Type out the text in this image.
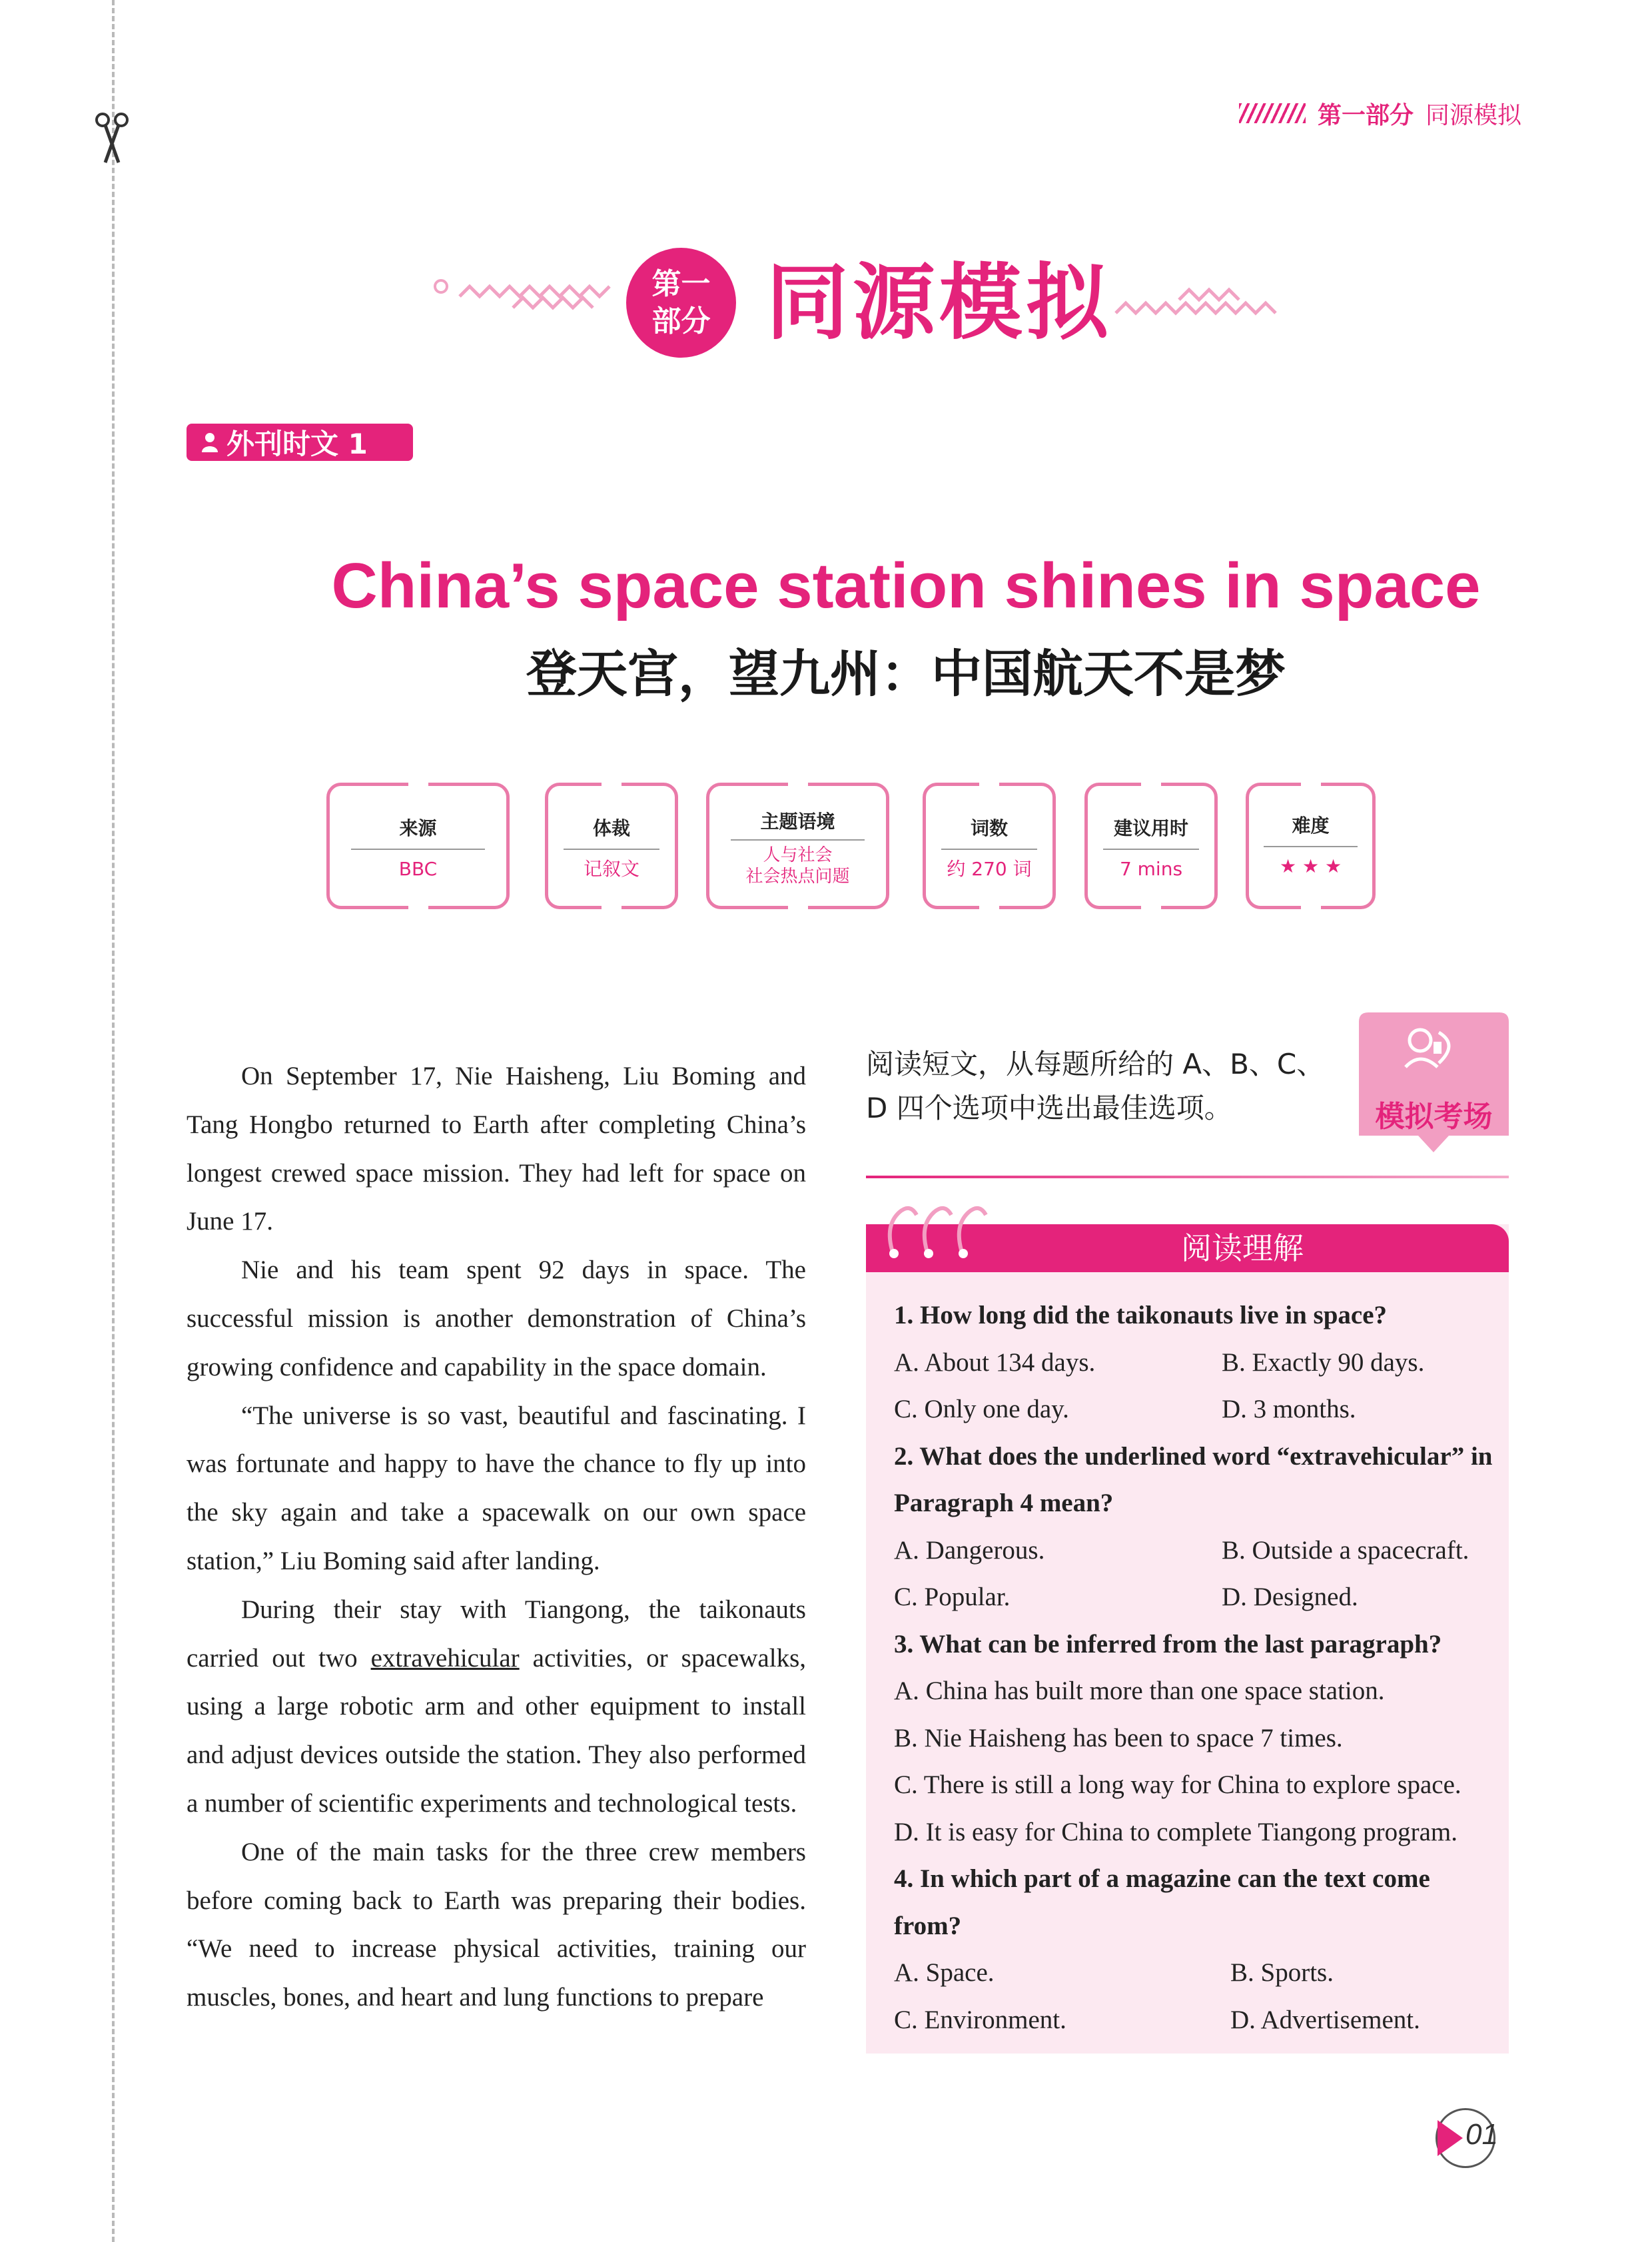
第一部分 同源模拟
第一
部分 同源模拟
外刊时文 1
China’s space station shines in space
登天宫，望九州：中国航天不是梦
来源
BBC
体裁
记叙文
主题语境
人与社会
社会热点问题
词数
约 270 词
建议用时
7 mins
难度
★ ★ ★

On September 17, Nie Haisheng, Liu Boming and Tang Hongbo returned to Earth after completing China’s longest crewed space mission. They had left for space on June 17.

Nie and his team spent 92 days in space. The successful mission is another demonstration of China’s growing confidence and capability in the space domain.

“The universe is so vast, beautiful and fascinating. I was fortunate and happy to have the chance to fly up into the sky again and take a spacewalk on our own space station,” Liu Boming said after landing.

During their stay with Tiangong, the taikonauts carried out two extravehicular activities, or spacewalks, using a large robotic arm and other equipment to install and adjust devices outside the station. They also performed a number of scientific experiments and technological tests.

One of the main tasks for the three crew members before coming back to Earth was preparing their bodies. “We need to increase physical activities, training our muscles, bones, and heart and lung functions to prepare

阅读短文，从每题所给的 A、B、C、D 四个选项中选出最佳选项。	模拟考场
阅读理解
1. How long did the taikonauts live in space?
A. About 134 days.	B. Exactly 90 days.
C. Only one day.	D. 3 months.
2. What does the underlined word “extravehicular” in Paragraph 4 mean?
A. Dangerous.	B. Outside a spacecraft.
C. Popular.	D. Designed.
3. What can be inferred from the last paragraph?
A. China has built more than one space station.
B. Nie Haisheng has been to space 7 times.
C. There is still a long way for China to explore space.
D. It is easy for China to complete Tiangong program.
4. In which part of a magazine can the text come from?
A. Space.	B. Sports.
C. Environment.	D. Advertisement.
01
